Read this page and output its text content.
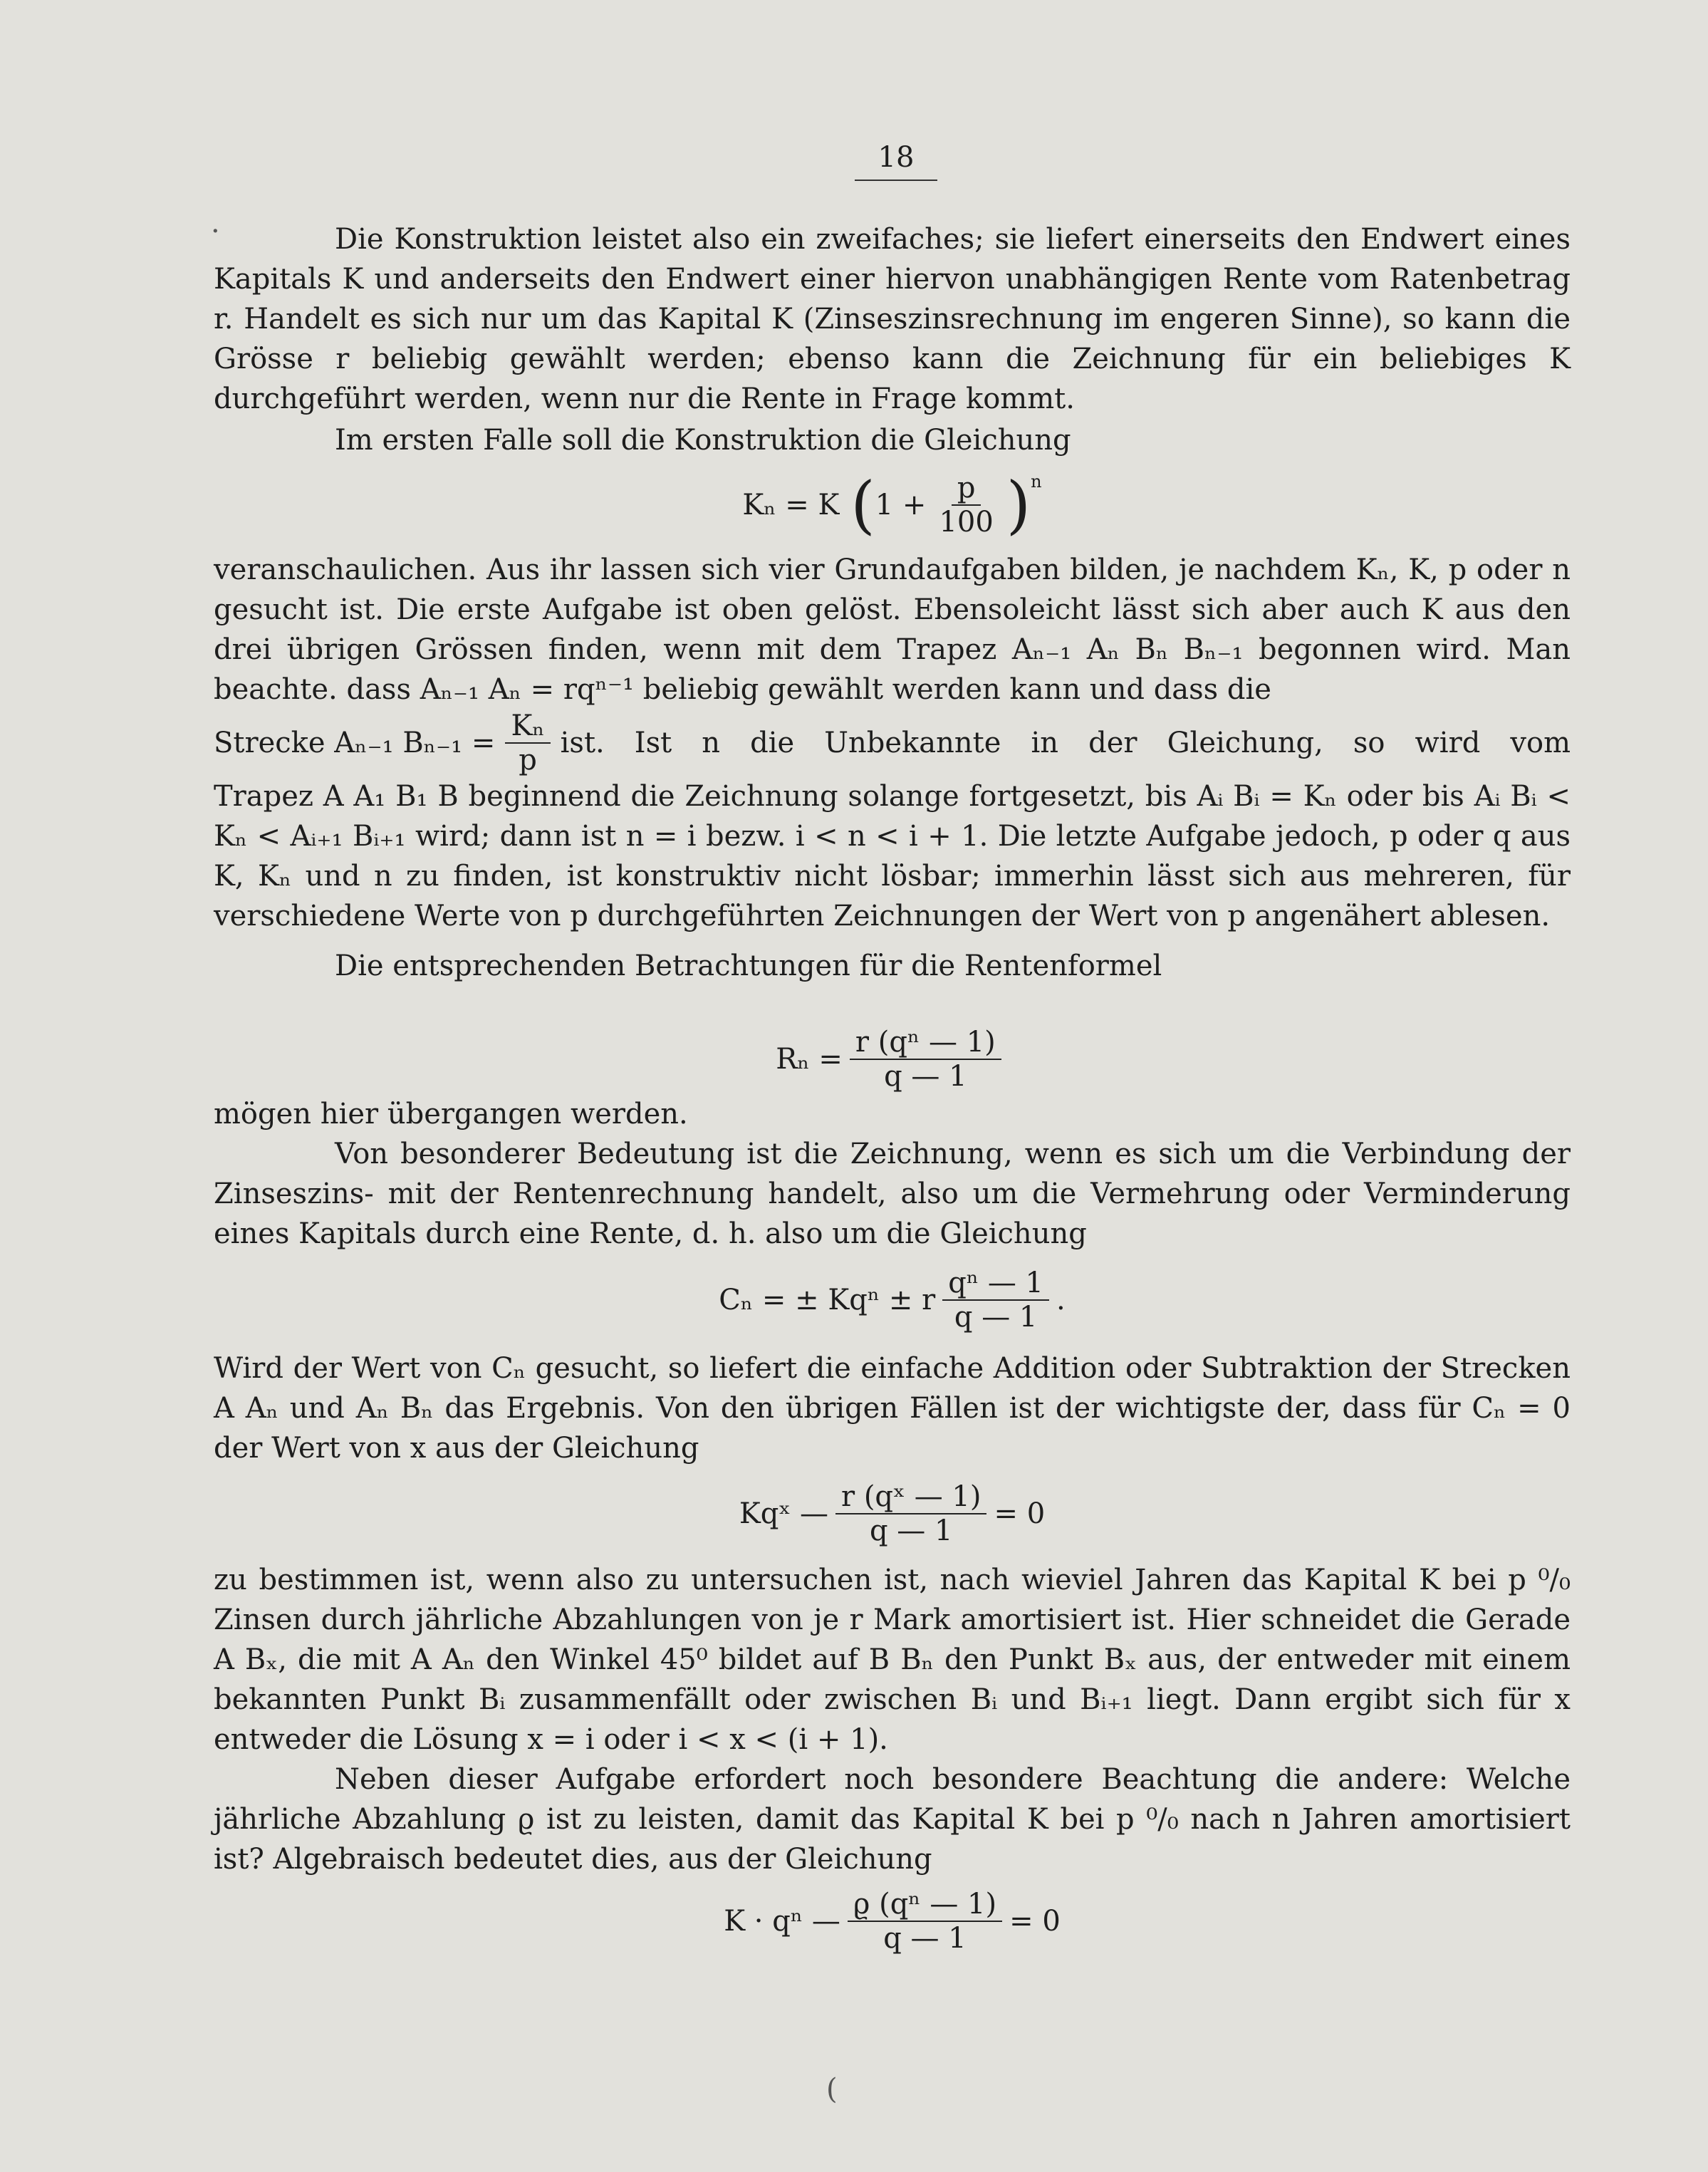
18

Die Konstruktion leistet also ein zweifaches; sie liefert einerseits den Endwert eines Kapitals K und anderseits den Endwert einer hiervon unabhängigen Rente vom Ratenbetrag r. Handelt es sich nur um das Kapital K (Zinseszinsrechnung im engeren Sinne), so kann die Grösse r beliebig gewählt werden; ebenso kann die Zeichnung für ein beliebiges K durchgeführt werden, wenn nur die Rente in Frage kommt.

Im ersten Falle soll die Konstruktion die Gleichung

Kₙ = K ( $1 + \frac{p}{100} )^n$

veranschaulichen. Aus ihr lassen sich vier Grundaufgaben bilden, je nachdem Kₙ, K, p oder n gesucht ist. Die erste Aufgabe ist oben gelöst. Ebensoleicht lässt sich aber auch K aus den drei übrigen Grössen finden, wenn mit dem Trapez Aₙ₋₁ Aₙ Bₙ Bₙ₋₁ begonnen wird. Man beachte. dass Aₙ₋₁ Aₙ = rqⁿ⁻¹ beliebig gewählt werden kann und dass die

Strecke Aₙ₋₁ $B_{n-1} = \frac{\text{Kₙ}}{p}$ ist. Ist n die Unbekannte in der Gleichung, so wird vom

Trapez A A₁ B₁ B beginnend die Zeichnung solange fortgesetzt, bis Aᵢ Bᵢ = Kₙ oder bis Aᵢ Bᵢ < Kₙ < Aᵢ₊₁ Bᵢ₊₁ wird; dann ist n = i bezw. i < n < i + 1. Die letzte Aufgabe jedoch, p oder q aus K, Kₙ und n zu finden, ist konstruktiv nicht lösbar; immerhin lässt sich aus mehreren, für verschiedene Werte von p durchgeführten Zeichnungen der Wert von p angenähert ablesen.

Die entsprechenden Betrachtungen für die Rentenformel

$R_n = \frac{\text{r (qⁿ — 1)}}{q — 1}$

mögen hier übergangen werden.

Von besonderer Bedeutung ist die Zeichnung, wenn es sich um die Verbindung der Zinseszins- mit der Rentenrechnung handelt, also um die Vermehrung oder Verminderung eines Kapitals durch eine Rente, d. h. also um die Gleichung

Cₙ = ± Kqⁿ ± r $\frac{\text{qⁿ — 1}}{q — 1}$ .

Wird der Wert von Cₙ gesucht, so liefert die einfache Addition oder Subtraktion der Strecken A Aₙ und Aₙ Bₙ das Ergebnis. Von den übrigen Fällen ist der wichtigste der, dass für Cₙ = 0 der Wert von x aus der Gleichung

Kqˣ — $\frac{\text{r (qˣ — 1)}}{q — 1} = 0$

zu bestimmen ist, wenn also zu untersuchen ist, nach wieviel Jahren das Kapital K bei p ⁰/₀ Zinsen durch jährliche Abzahlungen von je r Mark amortisiert ist. Hier schneidet die Gerade A Bₓ, die mit A Aₙ den Winkel 45⁰ bildet auf B Bₙ den Punkt Bₓ aus, der entweder mit einem bekannten Punkt Bᵢ zusammenfällt oder zwischen Bᵢ und Bᵢ₊₁ liegt. Dann ergibt sich für x entweder die Lösung x = i oder i < x < (i + 1).

Neben dieser Aufgabe erfordert noch besondere Beachtung die andere: Welche jährliche Abzahlung ϱ ist zu leisten, damit das Kapital K bei p ⁰/₀ nach n Jahren amortisiert ist? Algebraisch bedeutet dies, aus der Gleichung

K · qⁿ — $\frac{\text{ϱ (qⁿ — 1)}}{q — 1} = 0$
·
(
